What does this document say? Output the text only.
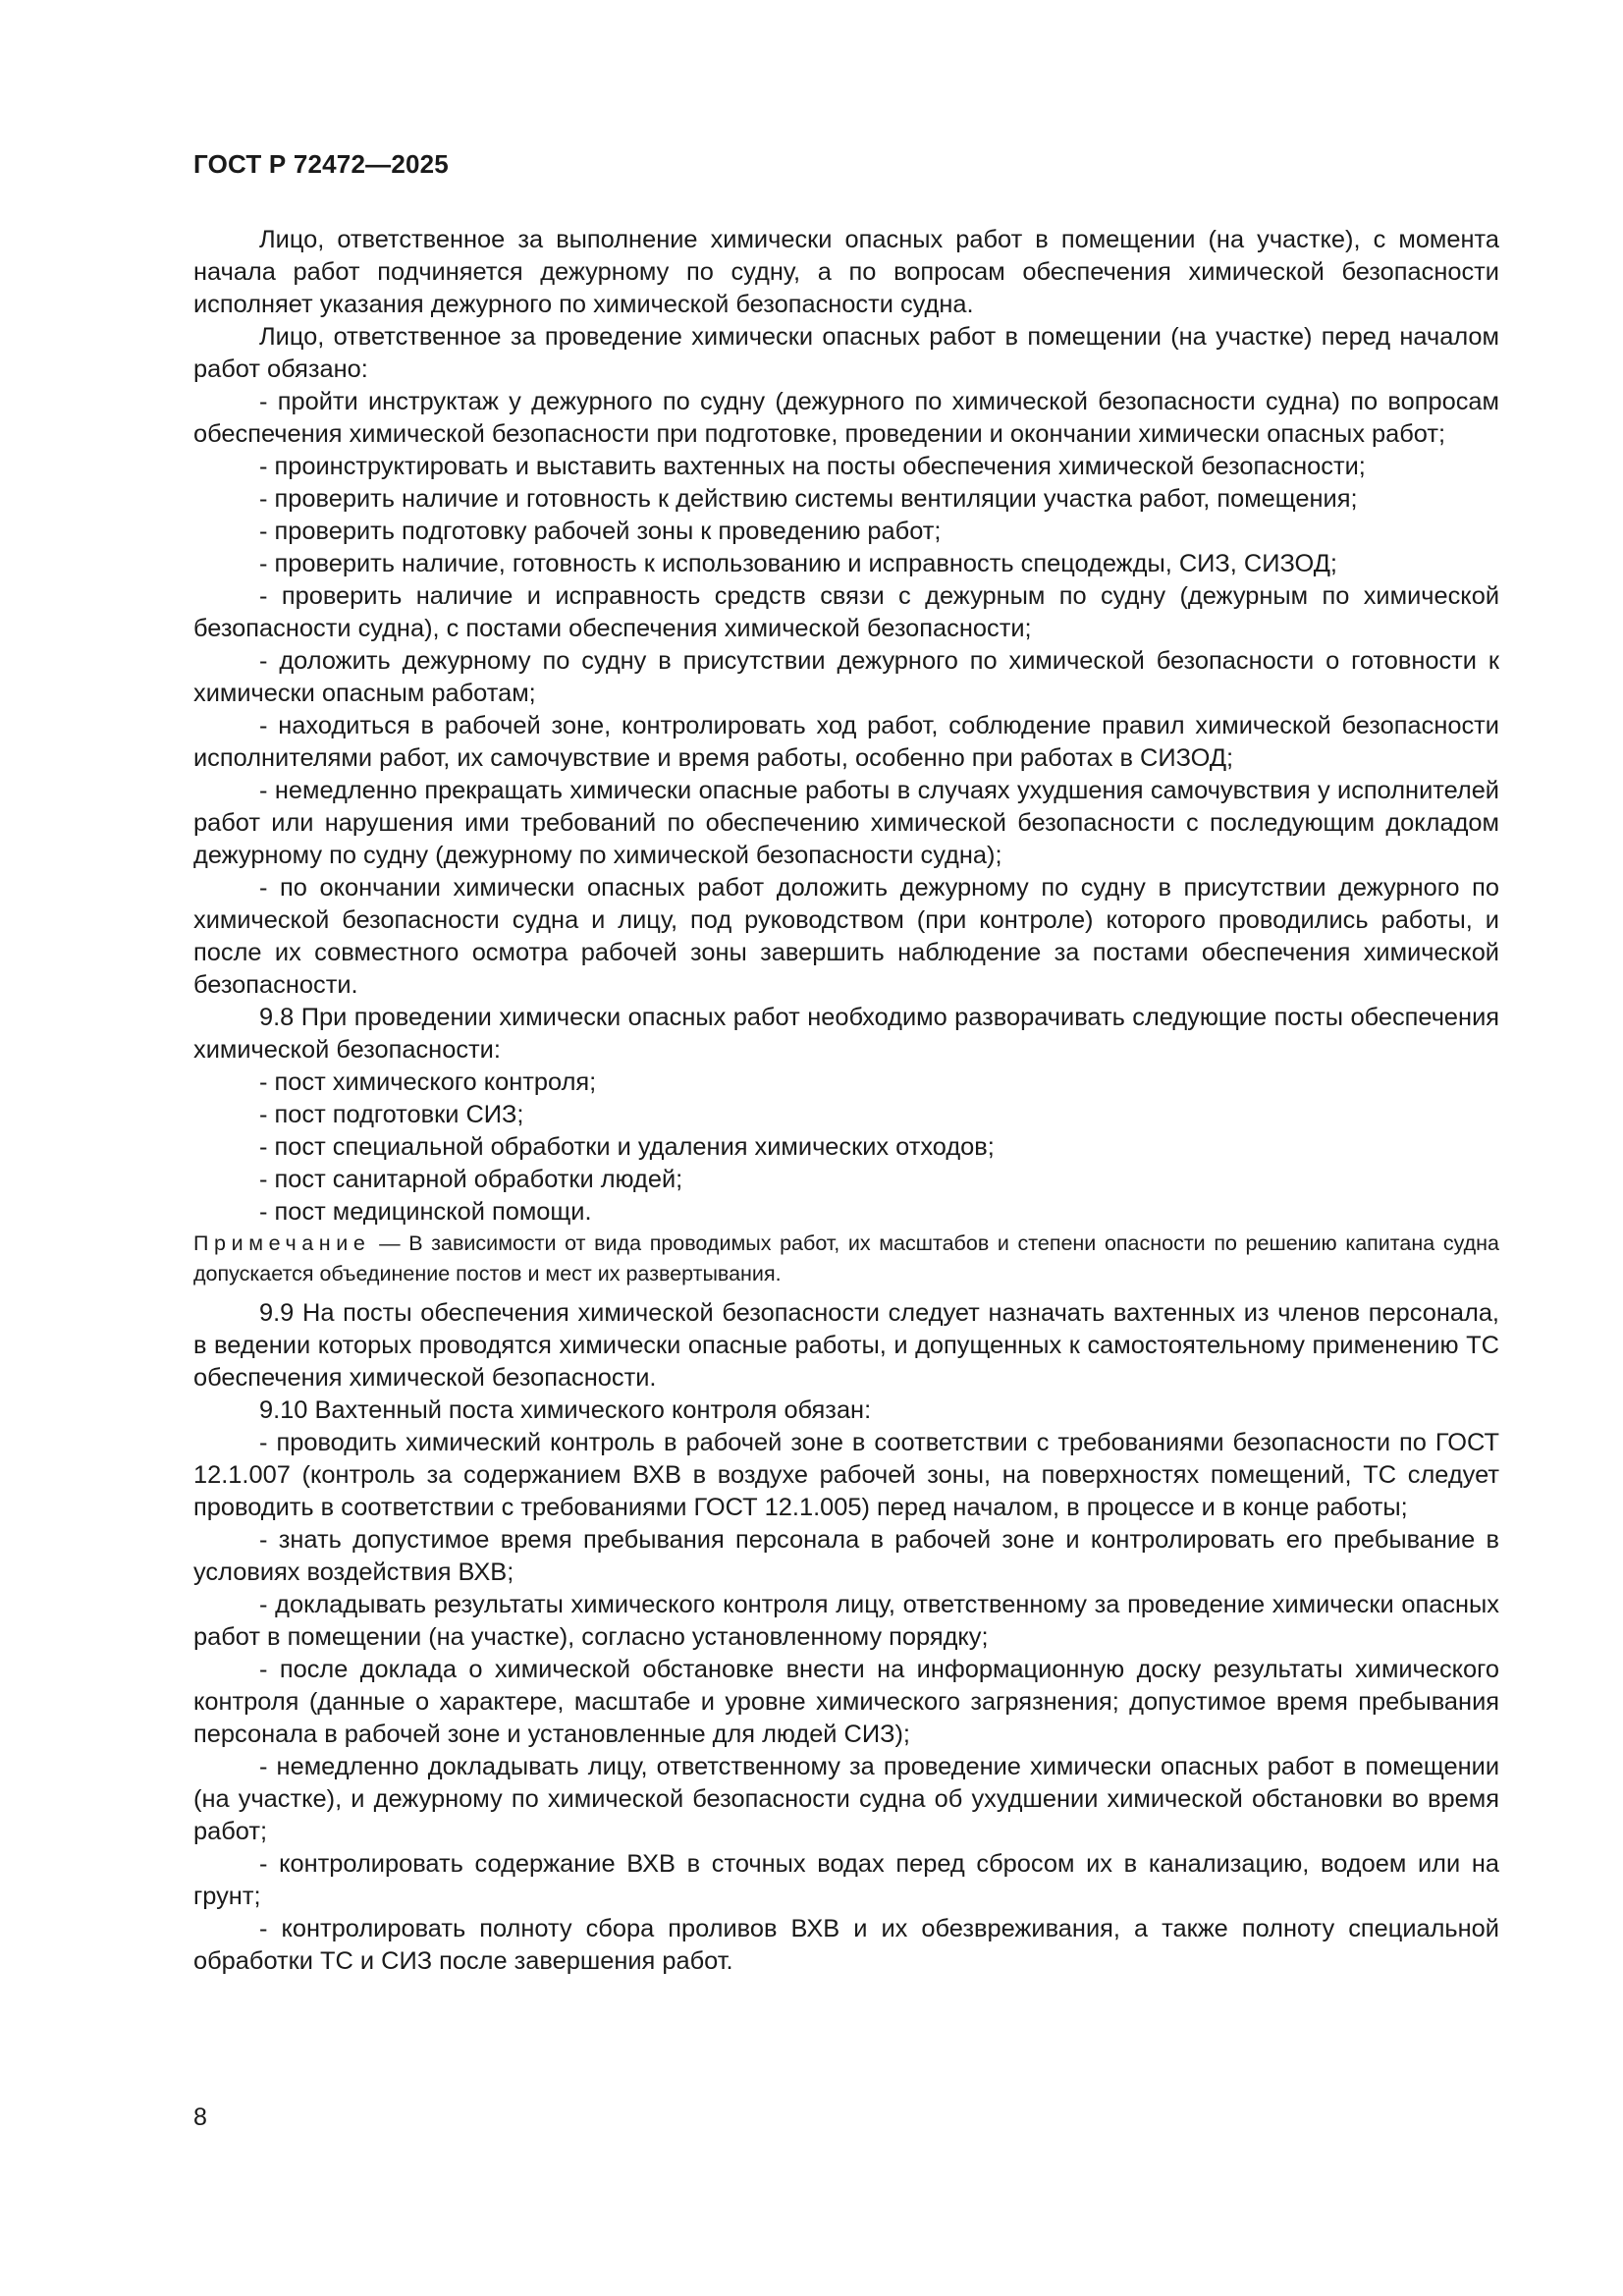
ГОСТ Р 72472—2025

Лицо, ответственное за выполнение химически опасных работ в помещении (на участке), с момента начала работ подчиняется дежурному по судну, а по вопросам обеспечения химической безопасности исполняет указания дежурного по химической безопасности судна.

Лицо, ответственное за проведение химически опасных работ в помещении (на участке) перед началом работ обязано:

- пройти инструктаж у дежурного по судну (дежурного по химической безопасности судна) по вопросам обеспечения химической безопасности при подготовке, проведении и окончании химически опасных работ;

- проинструктировать и выставить вахтенных на посты обеспечения химической безопасности;

- проверить наличие и готовность к действию системы вентиляции участка работ, помещения;

- проверить подготовку рабочей зоны к проведению работ;

- проверить наличие, готовность к использованию и исправность спецодежды, СИЗ, СИЗОД;

- проверить наличие и исправность средств связи с дежурным по судну (дежурным по химической безопасности судна), с постами обеспечения химической безопасности;

- доложить дежурному по судну в присутствии дежурного по химической безопасности о готовности к химически опасным работам;

- находиться в рабочей зоне, контролировать ход работ, соблюдение правил химической безопасности исполнителями работ, их самочувствие и время работы, особенно при работах в СИЗОД;

- немедленно прекращать химически опасные работы в случаях ухудшения самочувствия у исполнителей работ или нарушения ими требований по обеспечению химической безопасности с последующим докладом дежурному по судну (дежурному по химической безопасности судна);

- по окончании химически опасных работ доложить дежурному по судну в присутствии дежурного по химической безопасности судна и лицу, под руководством (при контроле) которого проводились работы, и после их совместного осмотра рабочей зоны завершить наблюдение за постами обеспечения химической безопасности.

9.8 При проведении химически опасных работ необходимо разворачивать следующие посты обеспечения химической безопасности:

- пост химического контроля;

- пост подготовки СИЗ;

- пост специальной обработки и удаления химических отходов;

- пост санитарной обработки людей;

- пост медицинской помощи.

Примечание — В зависимости от вида проводимых работ, их масштабов и степени опасности по решению капитана судна допускается объединение постов и мест их развертывания.

9.9 На посты обеспечения химической безопасности следует назначать вахтенных из членов персонала, в ведении которых проводятся химически опасные работы, и допущенных к самостоятельному применению ТС обеспечения химической безопасности.

9.10 Вахтенный поста химического контроля обязан:

- проводить химический контроль в рабочей зоне в соответствии с требованиями безопасности по ГОСТ 12.1.007 (контроль за содержанием ВХВ в воздухе рабочей зоны, на поверхностях помещений, ТС следует проводить в соответствии с требованиями ГОСТ 12.1.005) перед началом, в процессе и в конце работы;

- знать допустимое время пребывания персонала в рабочей зоне и контролировать его пребывание в условиях воздействия ВХВ;

- докладывать результаты химического контроля лицу, ответственному за проведение химически опасных работ в помещении (на участке), согласно установленному порядку;

- после доклада о химической обстановке внести на информационную доску результаты химического контроля (данные о характере, масштабе и уровне химического загрязнения; допустимое время пребывания персонала в рабочей зоне и установленные для людей СИЗ);

- немедленно докладывать лицу, ответственному за проведение химически опасных работ в помещении (на участке), и дежурному по химической безопасности судна об ухудшении химической обстановки во время работ;

- контролировать содержание ВХВ в сточных водах перед сбросом их в канализацию, водоем или на грунт;

- контролировать полноту сбора проливов ВХВ и их обезвреживания, а также полноту специальной обработки ТС и СИЗ после завершения работ.

8
